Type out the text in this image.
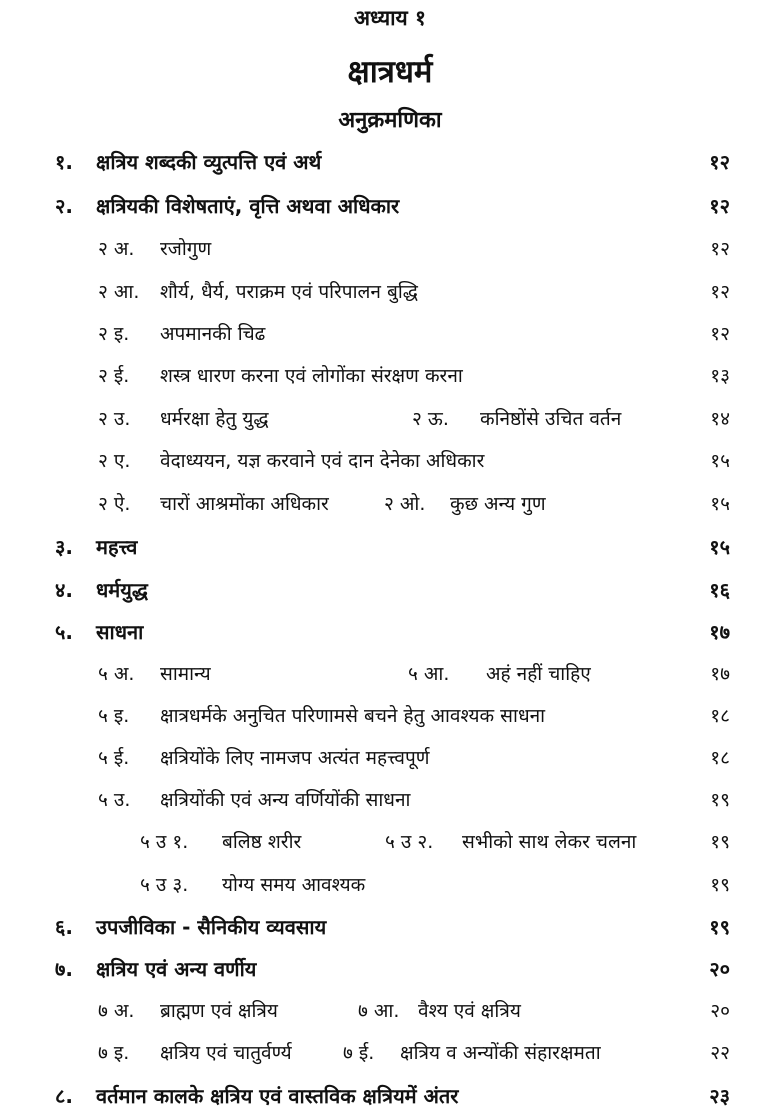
अध्याय १
क्षात्रधर्म
अनुक्रमणिका
१. क्षत्रिय शब्दकी व्युत्पत्ति एवं अर्थ	१२
२. क्षत्रियकी विशेषताएं, वृत्ति अथवा अधिकार	१२
२ अ. रजोगुण	१२
२ आ. शौर्य, धैर्य, पराक्रम एवं परिपालन बुद्धि	१२
२ इ. अपमानकी चिढ	१२
२ ई. शस्त्र धारण करना एवं लोगोंका संरक्षण करना	१३
२ उ. धर्मरक्षा हेतु युद्ध	२ ऊ. कनिष्ठोंसे उचित वर्तन	१४
२ ए. वेदाध्ययन, यज्ञ करवाने एवं दान देनेका अधिकार	१५
२ ऐ. चारों आश्रमोंका अधिकार	२ ओ. कुछ अन्य गुण	१५
३. महत्त्व	१५
४. धर्मयुद्ध	१६
५. साधना	१७
५ अ. सामान्य	५ आ. अहं नहीं चाहिए	१७
५ इ. क्षात्रधर्मके अनुचित परिणामसे बचने हेतु आवश्यक साधना	१८
५ ई. क्षत्रियोंके लिए नामजप अत्यंत महत्त्वपूर्ण	१८
५ उ. क्षत्रियोंकी एवं अन्य वर्णियोंकी साधना	१९
५ उ १. बलिष्ठ शरीर	५ उ २. सभीको साथ लेकर चलना	१९
५ उ ३. योग्य समय आवश्यक	१९
६. उपजीविका - सैनिकीय व्यवसाय	१९
७. क्षत्रिय एवं अन्य वर्णीय	२०
७ अ. ब्राह्मण एवं क्षत्रिय	७ आ. वैश्य एवं क्षत्रिय	२०
७ इ. क्षत्रिय एवं चातुर्वर्ण्य	७ ई. क्षत्रिय व अन्योंकी संहारक्षमता	२२
८. वर्तमान कालके क्षत्रिय एवं वास्तविक क्षत्रियमें अंतर	२३
